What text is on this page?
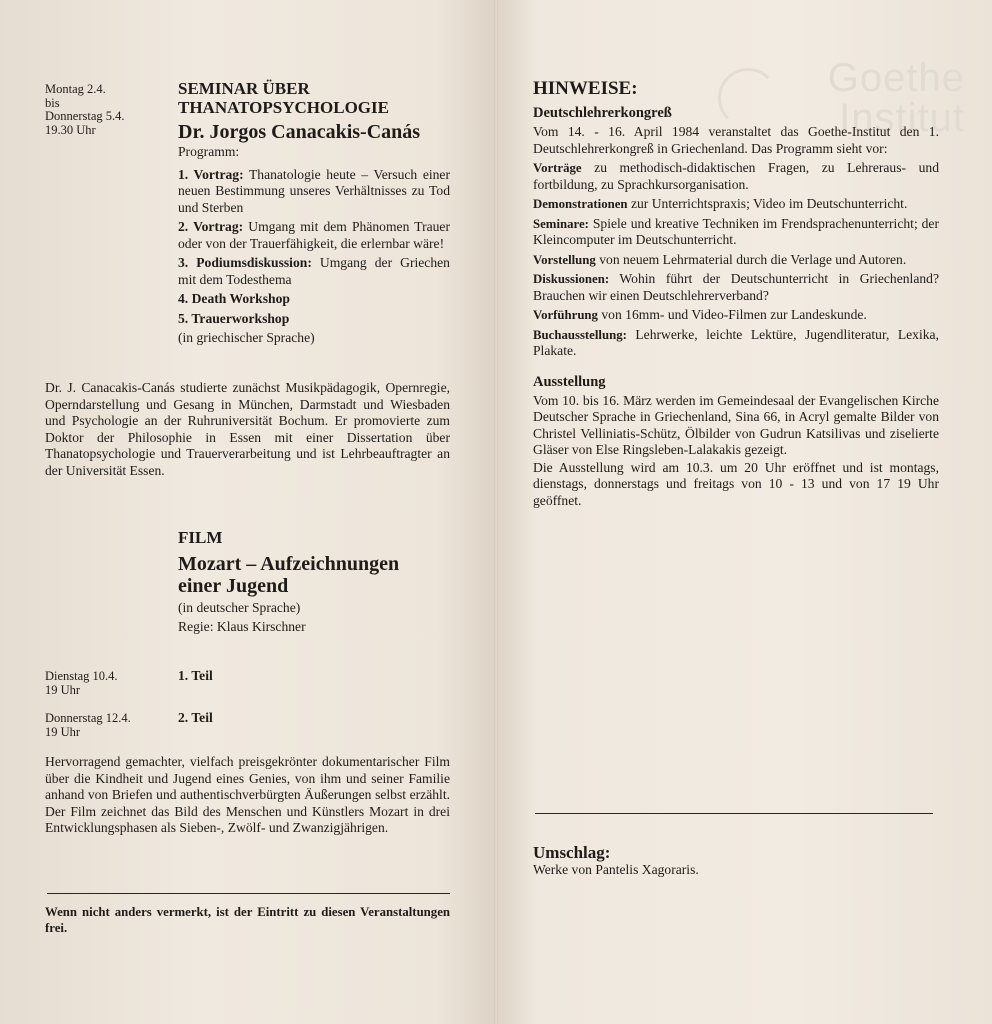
Goethe
Institut
Montag 2.4.
bis
Donnerstag 5.4.
19.30 Uhr
SEMINAR ÜBER
THANATOPSYCHOLOGIE
Dr. Jorgos Canacakis-Canás
Programm:
1. Vortrag: Thanatologie heute – Versuch einer neuen Bestimmung unseres Verhältnisses zu Tod und Sterben
2. Vortrag: Umgang mit dem Phänomen Trauer oder von der Trauerfähigkeit, die erlernbar wäre!
3. Podiumsdiskussion: Umgang der Griechen mit dem Todesthema
4. Death Workshop
5. Trauerworkshop
(in griechischer Sprache)
Dr. J. Canacakis-Canás studierte zunächst Musikpädagogik, Opernregie, Operndarstellung und Gesang in München, Darmstadt und Wiesbaden und Psychologie an der Ruhruniversität Bochum. Er promovierte zum Doktor der Philosophie in Essen mit einer Dissertation über Thanatopsychologie und Trauerverarbeitung und ist Lehrbeauftragter an der Universität Essen.
FILM
Mozart – Aufzeichnungen
einer Jugend
(in deutscher Sprache)
Regie: Klaus Kirschner
Dienstag 10.4.
19 Uhr
1. Teil
Donnerstag 12.4.
19 Uhr
2. Teil
Hervorragend gemachter, vielfach preisgekrönter dokumentarischer Film über die Kindheit und Jugend eines Genies, von ihm und seiner Familie anhand von Briefen und authentischverbürgten Äußerungen selbst erzählt. Der Film zeichnet das Bild des Menschen und Künstlers Mozart in drei Entwicklungsphasen als Sieben-, Zwölf- und Zwanzigjährigen.
Wenn nicht anders vermerkt, ist der Eintritt zu diesen Veranstaltungen frei.
HINWEISE:
Deutschlehrerkongreß
Vom 14. - 16. April 1984 veranstaltet das Goethe-Institut den 1. Deutschlehrerkongreß in Griechenland. Das Programm sieht vor:
Vorträge zu methodisch-didaktischen Fragen, zu Lehreraus- und fortbildung, zu Sprachkursorganisation.
Demonstrationen zur Unterrichtspraxis; Video im Deutschunterricht.
Seminare: Spiele und kreative Techniken im Frendsprachenunterricht; der Kleincomputer im Deutschunterricht.
Vorstellung von neuem Lehrmaterial durch die Verlage und Autoren.
Diskussionen: Wohin führt der Deutschunterricht in Griechenland? Brauchen wir einen Deutschlehrerverband?
Vorführung von 16mm- und Video-Filmen zur Landeskunde.
Buchausstellung: Lehrwerke, leichte Lektüre, Jugendliteratur, Lexika, Plakate.
Ausstellung
Vom 10. bis 16. März werden im Gemeindesaal der Evangelischen Kirche Deutscher Sprache in Griechenland, Sina 66, in Acryl gemalte Bilder von Christel Velliniatis-Schütz, Ölbilder von Gudrun Katsilivas und ziselierte Gläser von Else Ringsleben-Lalakakis gezeigt.
Die Ausstellung wird am 10.3. um 20 Uhr eröffnet und ist montags, dienstags, donnerstags und freitags von 10 - 13 und von 17 19 Uhr geöffnet.
Umschlag:
Werke von Pantelis Xagoraris.
